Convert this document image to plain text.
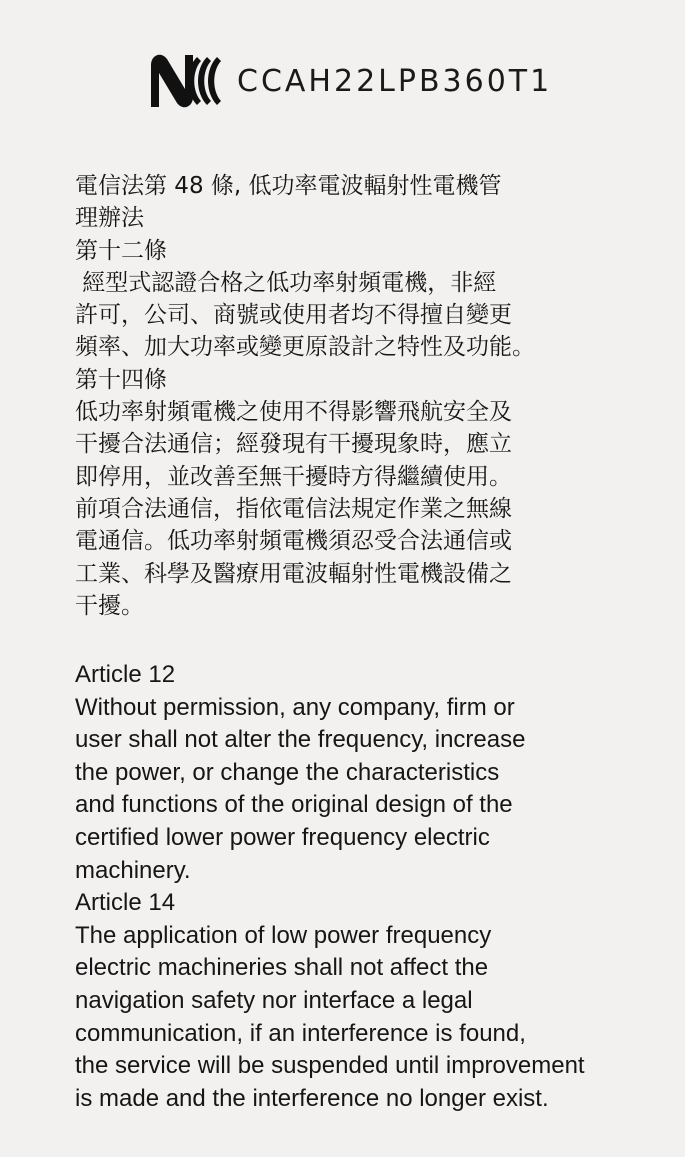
CCAH22LPB360T1
電信法第 48 條, 低功率電波輻射性電機管
理辦法
第十二條
經型式認證合格之低功率射頻電機，非經
許可，公司、商號或使用者均不得擅自變更
頻率、加大功率或變更原設計之特性及功能。
第十四條
低功率射頻電機之使用不得影響飛航安全及
干擾合法通信；經發現有干擾現象時，應立
即停用，並改善至無干擾時方得繼續使用。
前項合法通信，指依電信法規定作業之無線
電通信。低功率射頻電機須忍受合法通信或
工業、科學及醫療用電波輻射性電機設備之
干擾。
Article 12
Without permission, any company, firm or
user shall not alter the frequency, increase
the power, or change the characteristics
and functions of the original design of the
certified lower power frequency electric
machinery.
Article 14
The application of low power frequency
electric machineries shall not affect the
navigation safety nor interface a legal
communication, if an interference is found,
the service will be suspended until improvement
is made and the interference no longer exist.
